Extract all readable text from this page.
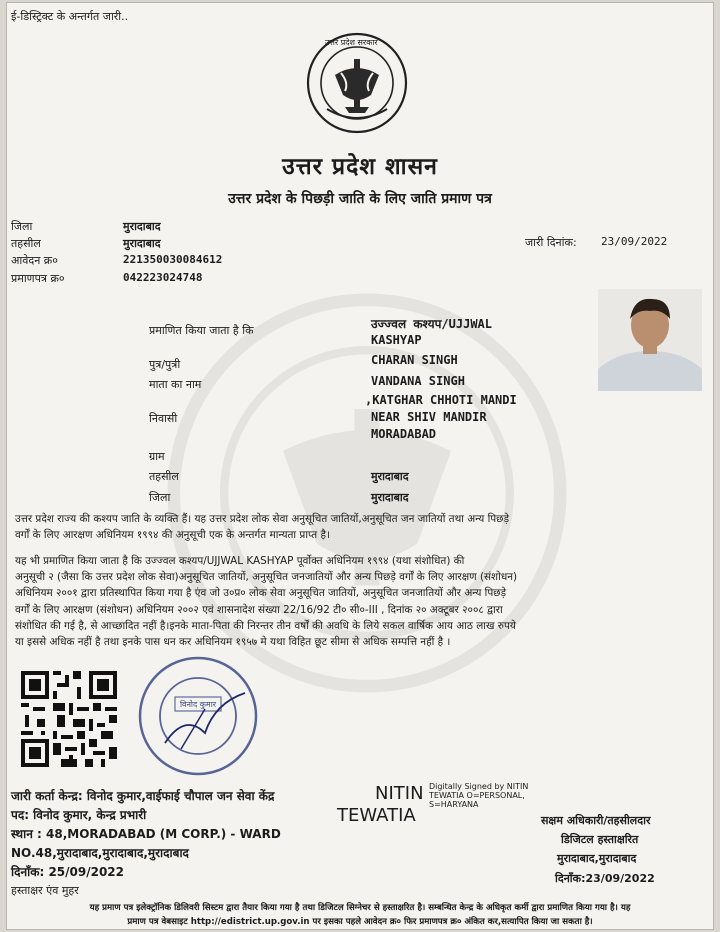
ई-डिस्ट्रिक्ट के अन्तर्गत जारी..
उत्तर प्रदेश सरकार
उत्तर प्रदेश शासन
उत्तर प्रदेश के पिछड़ी जाति के लिए जाति प्रमाण पत्र
जिला	मुरादाबाद
तहसील	मुरादाबाद
आवेदन क्र०	221350030084612
प्रमाणपत्र क्र०	042223024748
जारी दिनांक: 23/09/2022
प्रमाणित किया जाता है कि	उज्ज्वल कश्यप/UJJWAL
KASHYAP
पुत्र/पुत्री	CHARAN SINGH
माता का नाम	VANDANA SINGH
,KATGHAR CHHOTI MANDI
निवासी	NEAR SHIV MANDIR
MORADABAD
ग्राम
तहसील	मुरादाबाद
जिला	मुरादाबाद
उत्तर प्रदेश राज्य की कश्यप जाति के व्यक्ति हैं। यह उत्तर प्रदेश लोक सेवा अनुसूचित जातियों,अनुसूचित जन जातियों तथा अन्य पिछड़े
वर्गों के लिए आरक्षण अधिनियम १९९४ की अनुसूची एक के अन्तर्गत मान्यता प्राप्त है।
यह भी प्रमाणित किया जाता है कि उज्ज्वल कश्यप/UJJWAL KASHYAP पूर्वोक्त अधिनियम १९९४ (यथा संशोधित) की
अनुसूची २ (जैसा कि उत्तर प्रदेश लोक सेवा)अनुसूचित जातियों, अनुसूचित जनजातियों और अन्य पिछड़े वर्गों के लिए आरक्षण (संशोधन)
अधिनियम २००१ द्वारा प्रतिस्थापित किया गया है एंव जो उ०प्र० लोक सेवा अनुसूचित जातियों, अनुसूचित जनजातियों और अन्य पिछड़े
वर्गों के लिए आरक्षण (संशोधन) अधिनियम २००२ एवं शासनादेश संख्या 22/16/92 टी० सी०-III , दिनांक २० अक्टूबर २००८ द्वारा
संशोधित की गई है, से आच्छादित नहीं है।इनके माता-पिता की निरन्तर तीन वर्षों की अवधि के लिये सकल वार्षिक आय आठ लाख रुपये
या इससे अधिक नहीं है तथा इनके पास धन कर अधिनियम १९५७ मे यथा विहित छूट सीमा से अधिक सम्पत्ति नहीं है ।
विनोद कुमार
जारी कर्ता केन्द्र: विनोद कुमार,वाईफाई चौपाल जन सेवा केंद्र
पद: विनोद कुमार, केन्द्र प्रभारी
स्थान : 48,MORADABAD (M CORP.) - WARD
NO.48,मुरादाबाद,मुरादाबाद,मुरादाबाद
दिनाँक: 25/09/2022
हस्ताक्षर एंव मुहर
NITIN
TEWATIA
Digitally Signed by NITIN TEWATIA O=PERSONAL, S=HARYANA
सक्षम अधिकारी/तहसीलदार
डिजिटल हस्ताक्षरित
मुरादाबाद,मुरादाबाद
दिनाँक:23/09/2022
यह प्रमाण पत्र इलेक्ट्रॉनिक डिलिवरी सिस्टम द्वारा तैयार किया गया है तथा डिजिटल सिग्नेचर से हस्ताक्षरित है। सम्बन्धित केन्द्र के अधिकृत कर्मी द्वारा प्रमाणित किया गया है। यह
प्रमाण पत्र वेबसाइट http://edistrict.up.gov.in पर इसका पहले आवेदन क्र० फिर प्रमाणपत्र क्र० अंकित कर,सत्यापित किया जा सकता है।
